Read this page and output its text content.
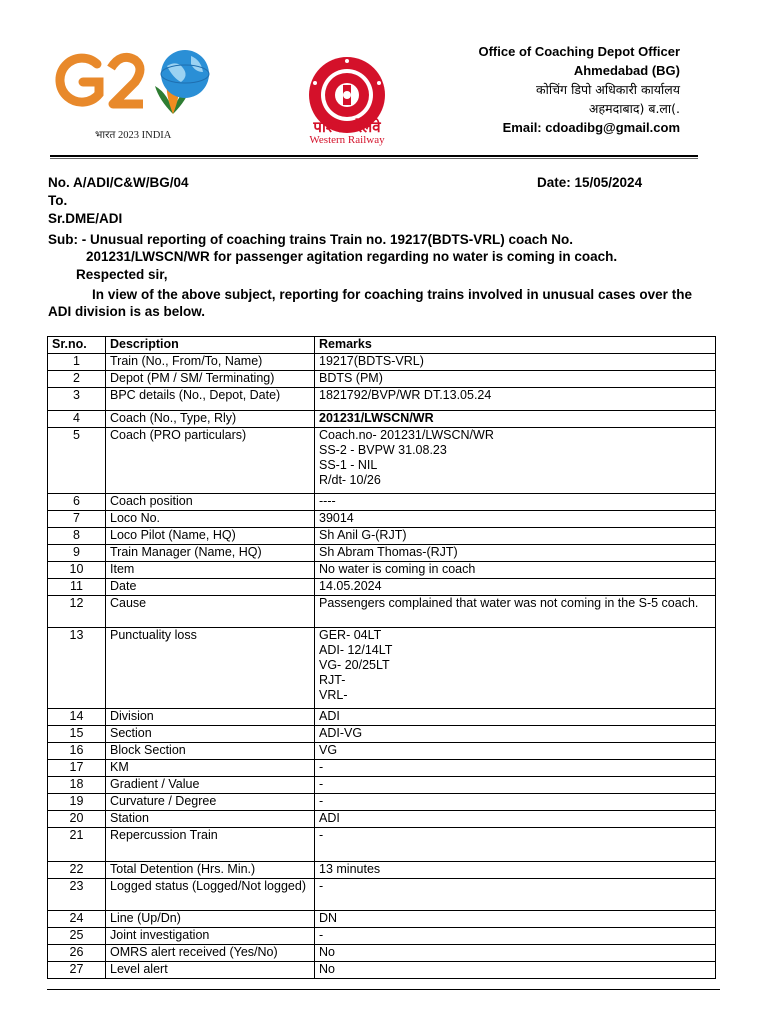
भारत 2023 INDIA	पश्चिम रेलवे
Western Railway
Office of Coaching Depot Officer
Ahmedabad (BG)
कोचिंग डिपो अधिकारी कार्यालय
अहमदाबाद) ब.ला(.
Email: cdoadibg@gmail.com
No. A/ADI/C&W/BG/04	Date: 15/05/2024
To.
Sr.DME/ADI
Sub: - Unusual reporting of coaching trains Train no. 19217(BDTS-VRL) coach No.
201231/LWSCN/WR for passenger agitation regarding no water is coming in coach.
Respected sir,
In view of the above subject, reporting for coaching trains involved in unusual cases over the ADI division is as below.
Sr.no.	Description	Remarks
1	Train (No., From/To, Name)	19217(BDTS-VRL)
2	Depot (PM / SM/ Terminating)	BDTS (PM)
3	BPC details (No., Depot, Date)	1821792/BVP/WR DT.13.05.24
4	Coach (No., Type, Rly)	201231/LWSCN/WR
5	Coach (PRO particulars)	Coach.no- 201231/LWSCN/WR
SS-2 - BVPW 31.08.23
SS-1 - NIL
R/dt- 10/26
6	Coach position	----
7	Loco No.	39014
8	Loco Pilot (Name, HQ)	Sh Anil G-(RJT)
9	Train Manager (Name, HQ)	Sh Abram Thomas-(RJT)
10	Item	No water is coming in coach
11	Date	14.05.2024
12	Cause	Passengers complained that water was not coming in the S-5 coach.
13	Punctuality loss	GER- 04LT
ADI- 12/14LT
VG- 20/25LT
RJT-
VRL-
14	Division	ADI
15	Section	ADI-VG
16	Block Section	VG
17	KM	-
18	Gradient / Value	-
19	Curvature / Degree	-
20	Station	ADI
21	Repercussion Train	-
22	Total Detention (Hrs. Min.)	13 minutes
23	Logged status (Logged/Not logged)	-
24	Line (Up/Dn)	DN
25	Joint investigation	-
26	OMRS alert received (Yes/No)	No
27	Level alert	No
